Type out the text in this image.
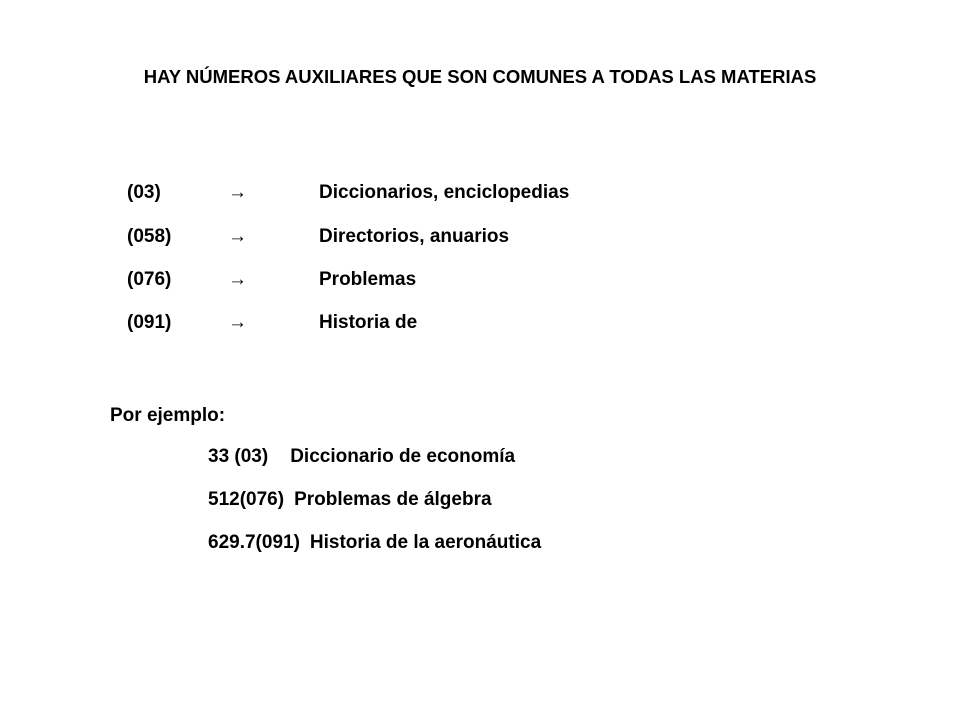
HAY NÚMEROS AUXILIARES QUE SON COMUNES A TODAS LAS MATERIAS
(03)	→	Diccionarios, enciclopedias
(058)	→	Directorios, anuarios
(076)	→	Problemas
(091)	→	Historia de
Por ejemplo:
33 (03) Diccionario de economía
512(076) Problemas de álgebra
629.7(091) Historia de la aeronáutica
